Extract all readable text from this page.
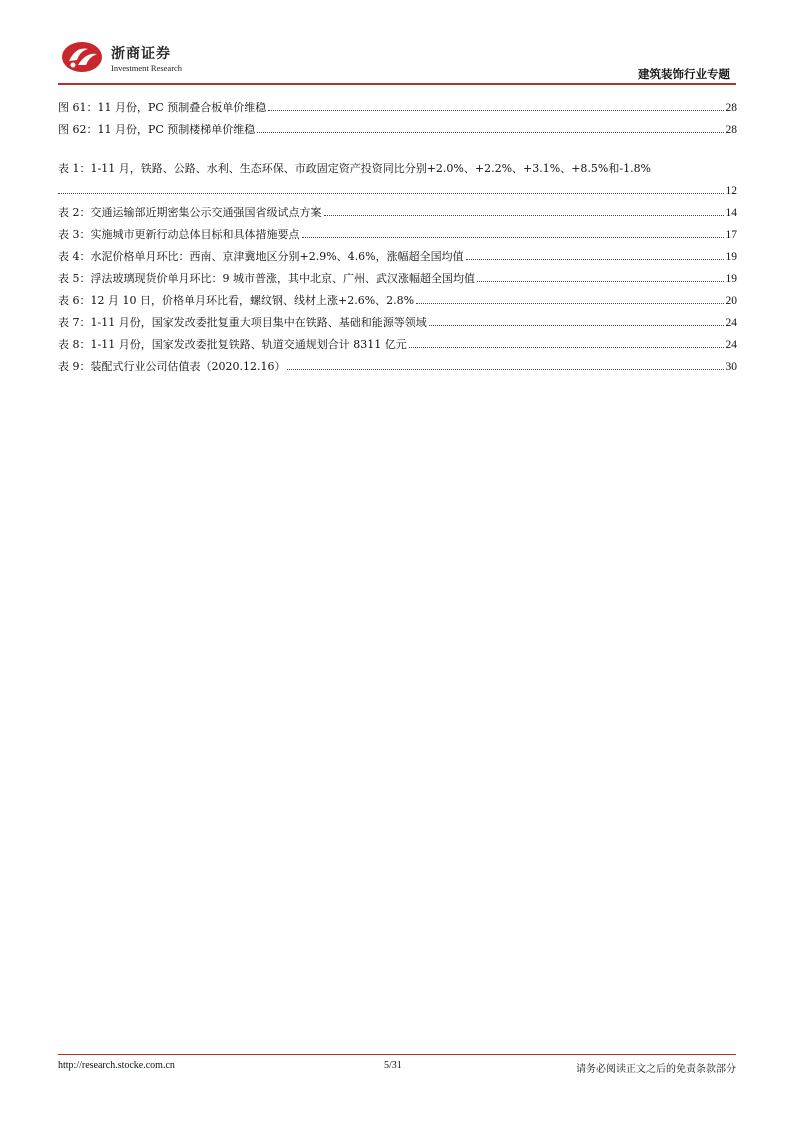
浙商证券
Investment Research	建筑装饰行业专题
图 61：11 月份，PC 预制叠合板单价维稳	28
图 62：11 月份，PC 预制楼梯单价维稳	28
表 1：1-11 月，铁路、公路、水利、生态环保、市政固定资产投资同比分别+2.0%、+2.2%、+3.1%、+8.5%和-1.8%
12
表 2：交通运输部近期密集公示交通强国省级试点方案	14
表 3：实施城市更新行动总体目标和具体措施要点	17
表 4：水泥价格单月环比：西南、京津冀地区分别+2.9%、4.6%，涨幅超全国均值	19
表 5：浮法玻璃现货价单月环比：9 城市普涨，其中北京、广州、武汉涨幅超全国均值	19
表 6：12 月 10 日，价格单月环比看，螺纹钢、线材上涨+2.6%、2.8%	20
表 7：1-11 月份，国家发改委批复重大项目集中在铁路、基础和能源等领域	24
表 8：1-11 月份，国家发改委批复铁路、轨道交通规划合计 8311 亿元	24
表 9：装配式行业公司估值表（2020.12.16）	30
http://research.stocke.com.cn	5/31	请务必阅读正文之后的免责条款部分
